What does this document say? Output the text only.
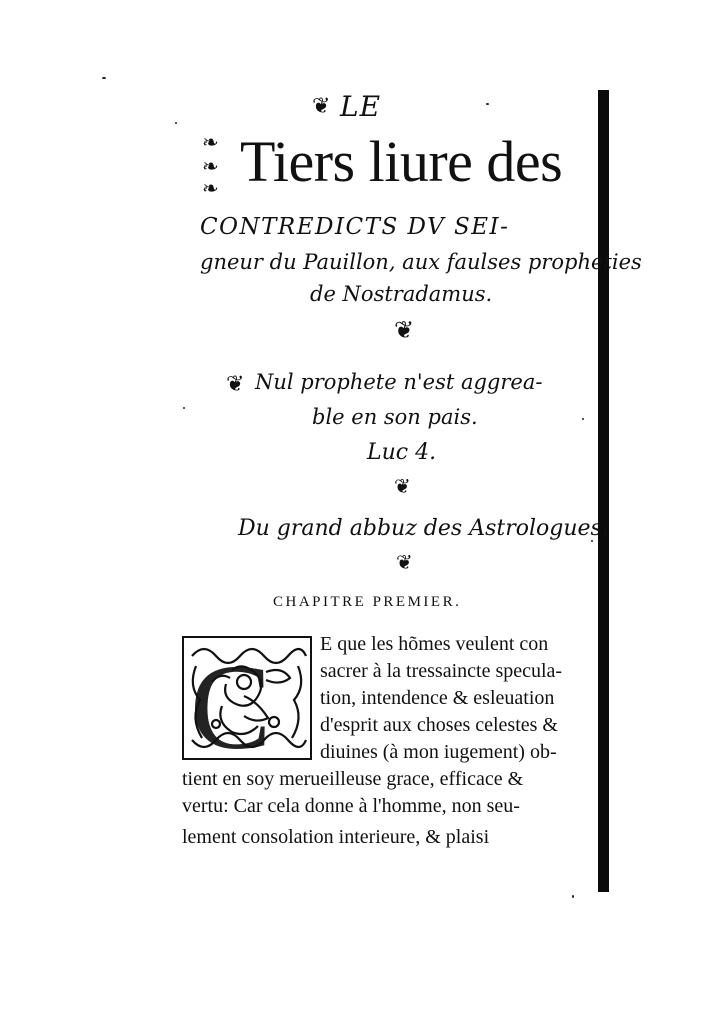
❦ LE
❧
❧
❧ Tiers liure des
CONTREDICTS DV SEI-
gneur du Pauillon, aux faulses propheties
de Nostradamus.
❦
❦ Nul prophete n'est aggrea-
ble en son pais.
Luc 4.
❦
Du grand abbuz des Astrologues.
❦
CHAPITRE PREMIER.
C E que les hõmes veulent con
sacrer à la tressaincte specula-
tion, intendence & esleuation
d'esprit aux choses celestes &
diuines (à mon iugement) ob-
tient en soy merueilleuse grace, efficace &
vertu: Car cela donne à l'homme, non seu-
lement consolation interieure, & plaisi
